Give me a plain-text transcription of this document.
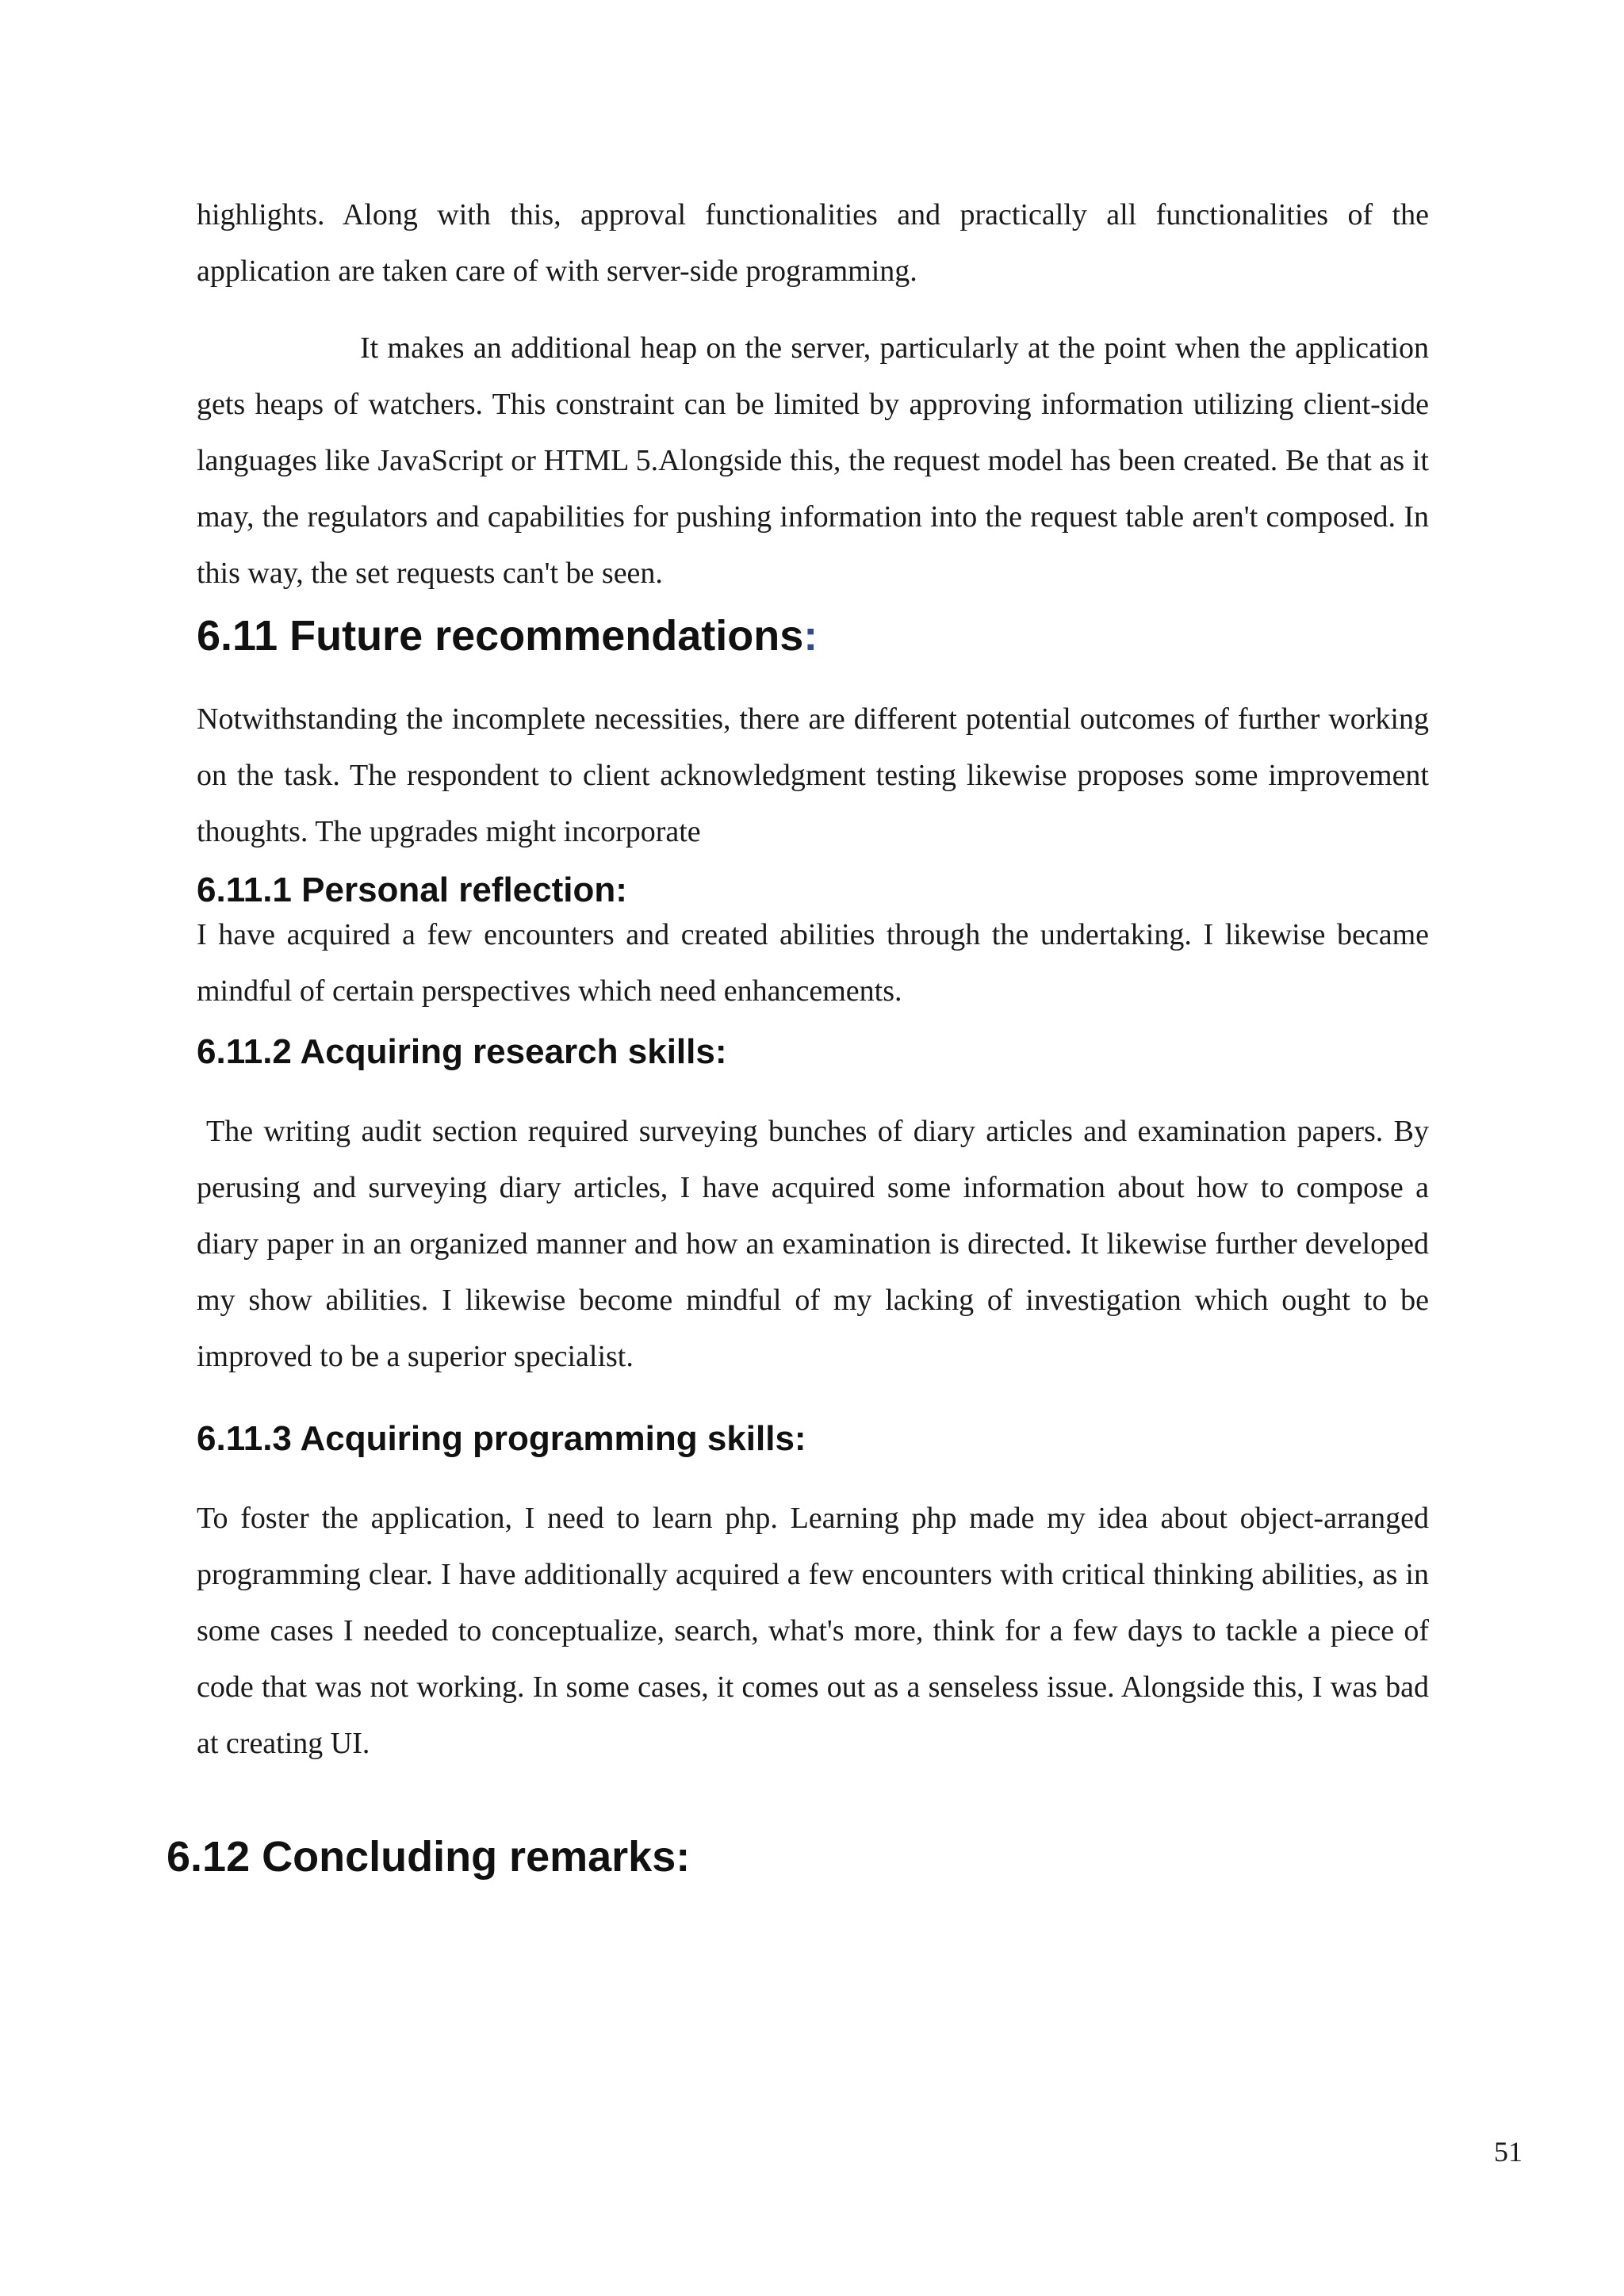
highlights. Along with this, approval functionalities and practically all functionalities of the application are taken care of with server-side programming.

It makes an additional heap on the server, particularly at the point when the application gets heaps of watchers. This constraint can be limited by approving information utilizing client-side languages like JavaScript or HTML 5.Alongside this, the request model has been created. Be that as it may, the regulators and capabilities for pushing information into the request table aren't composed. In this way, the set requests can't be seen.

6.11 Future recommendations:

Notwithstanding the incomplete necessities, there are different potential outcomes of further working on the task. The respondent to client acknowledgment testing likewise proposes some improvement thoughts. The upgrades might incorporate

6.11.1 Personal reflection:

I have acquired a few encounters and created abilities through the undertaking. I likewise became mindful of certain perspectives which need enhancements.

6.11.2 Acquiring research skills:

The writing audit section required surveying bunches of diary articles and examination papers. By perusing and surveying diary articles, I have acquired some information about how to compose a diary paper in an organized manner and how an examination is directed. It likewise further developed my show abilities. I likewise become mindful of my lacking of investigation which ought to be improved to be a superior specialist.

6.11.3 Acquiring programming skills:

To foster the application, I need to learn php. Learning php made my idea about object-arranged programming clear. I have additionally acquired a few encounters with critical thinking abilities, as in some cases I needed to conceptualize, search, what's more, think for a few days to tackle a piece of code that was not working. In some cases, it comes out as a senseless issue. Alongside this, I was bad at creating UI.

6.12 Concluding remarks:
51
